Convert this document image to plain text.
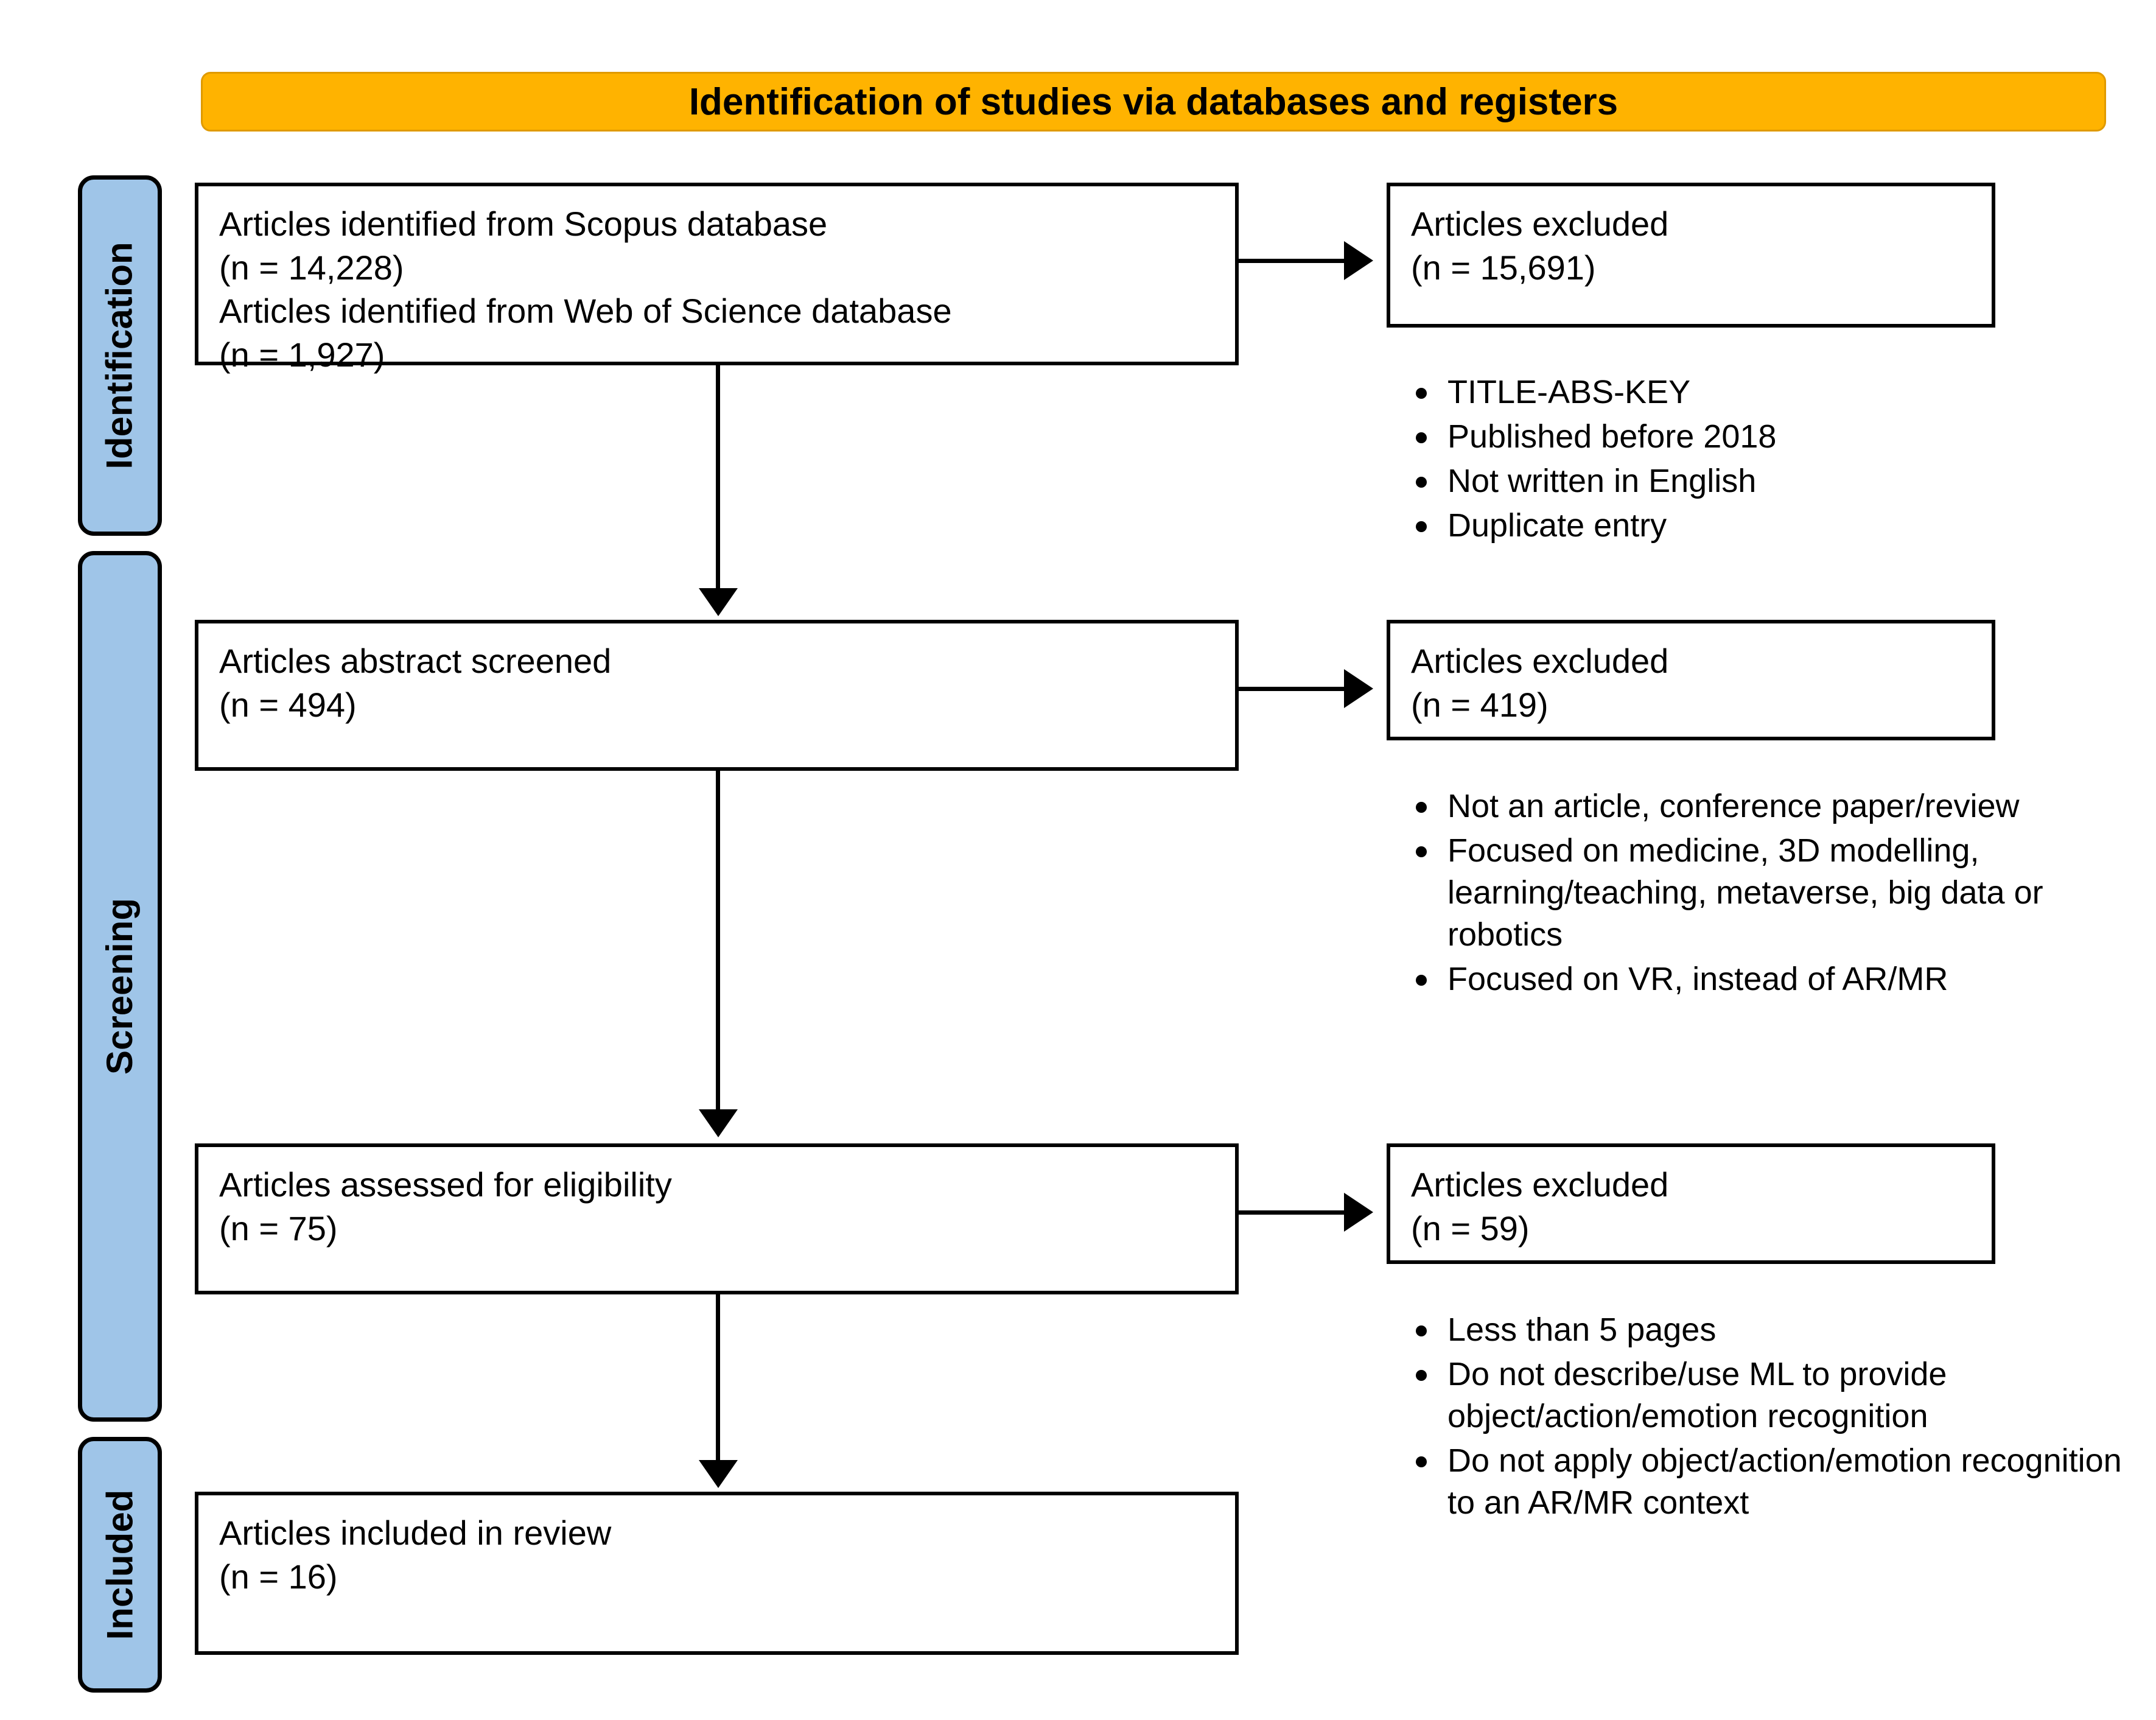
Identification of studies via databases and registers
Identification
Screening
Included
Articles identified from Scopus database
(n = 14,228)
Articles identified from Web of Science database
(n = 1,927)
Articles abstract screened
(n = 494)
Articles assessed for eligibility
(n = 75)
Articles included in review
(n = 16)
Articles excluded
(n = 15,691)
TITLE-ABS-KEY
Published before 2018
Not written in English
Duplicate entry
Articles excluded
(n = 419)
Not an article, conference paper/review
Focused on medicine, 3D modelling, learning/teaching, metaverse, big data or robotics
Focused on VR, instead of AR/MR
Articles excluded
(n = 59)
Less than 5 pages
Do not describe/use ML to provide object/action/emotion recognition
Do not apply object/action/emotion recognition to an AR/MR context
